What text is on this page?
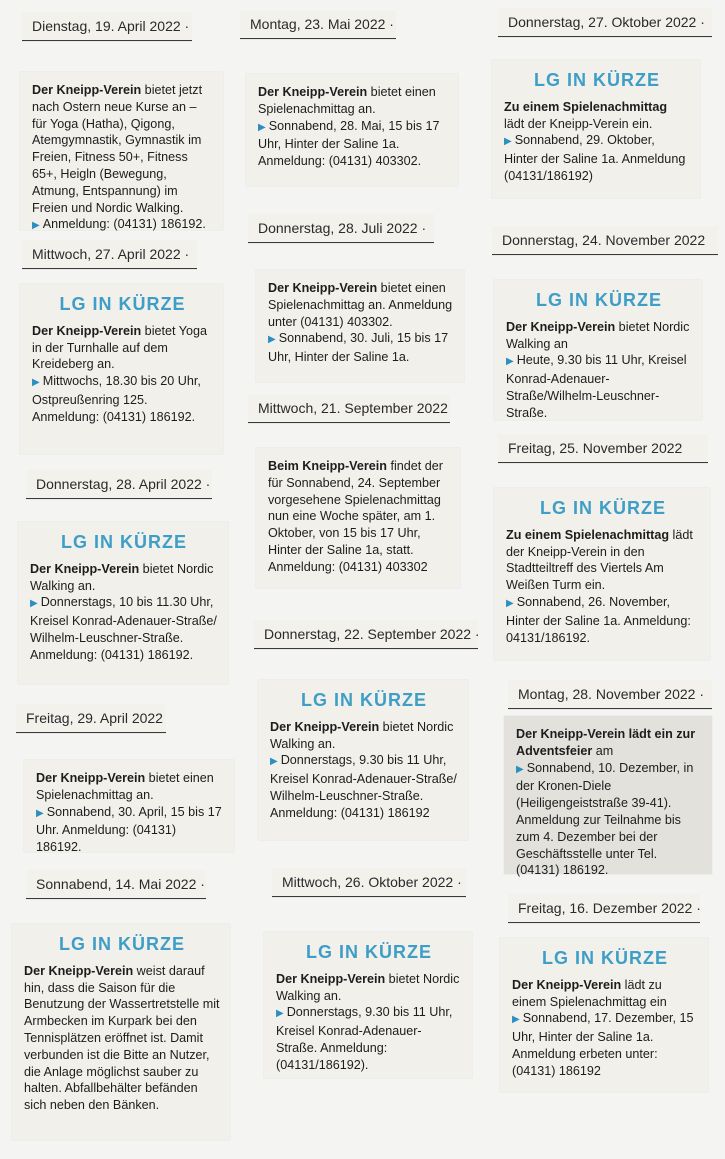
Dienstag, 19. April 2022 ·

Der Kneipp-Verein bietet jetzt nach Ostern neue Kurse an – für Yoga (Hatha), Qigong, Atemgymnastik, Gymnastik im Freien, Fitness 50+, Fitness 65+, Heigln (Bewegung, Atmung, Entspannung) im Freien und Nordic Walking.

▶ Anmeldung: (04131) 186192.

Mittwoch, 27. April 2022 ·
LG IN KÜRZE

Der Kneipp-Verein bietet Yoga in der Turnhalle auf dem Kreideberg an.

▶ Mittwochs, 18.30 bis 20 Uhr, Ostpreußenring 125. Anmeldung: (04131) 186192.

Donnerstag, 28. April 2022 ·
LG IN KÜRZE

Der Kneipp-Verein bietet Nordic Walking an.

▶ Donnerstags, 10 bis 11.30 Uhr, Kreisel Konrad-Adenauer-Straße/ Wilhelm-Leuschner-Straße. Anmeldung: (04131) 186192.

Freitag, 29. April 2022

Der Kneipp-Verein bietet einen Spielenachmittag an.

▶ Sonnabend, 30. April, 15 bis 17 Uhr. Anmeldung: (04131) 186192.

Sonnabend, 14. Mai 2022 ·
LG IN KÜRZE

Der Kneipp-Verein weist darauf hin, dass die Saison für die Benutzung der Wassertretstelle mit Armbecken im Kurpark bei den Tennisplätzen eröffnet ist. Damit verbunden ist die Bitte an Nutzer, die Anlage möglichst sauber zu halten. Abfallbehälter befänden sich neben den Bänken.

Montag, 23. Mai 2022 ·

Der Kneipp-Verein bietet einen Spielenachmittag an.

▶ Sonnabend, 28. Mai, 15 bis 17 Uhr, Hinter der Saline 1a. Anmeldung: (04131) 403302.

Donnerstag, 28. Juli 2022 ·

Der Kneipp-Verein bietet einen Spielenachmittag an. Anmeldung unter (04131) 403302.

▶ Sonnabend, 30. Juli, 15 bis 17 Uhr, Hinter der Saline 1a.

Mittwoch, 21. September 2022

Beim Kneipp-Verein findet der für Sonnabend, 24. September vorgesehene Spielenachmittag nun eine Woche später, am 1. Oktober, von 15 bis 17 Uhr, Hinter der Saline 1a, statt. Anmeldung: (04131) 403302

Donnerstag, 22. September 2022 ·
LG IN KÜRZE

Der Kneipp-Verein bietet Nordic Walking an.

▶ Donnerstags, 9.30 bis 11 Uhr, Kreisel Konrad-Adenauer-Straße/ Wilhelm-Leuschner-Straße. Anmeldung: (04131) 186192

Mittwoch, 26. Oktober 2022 ·
LG IN KÜRZE

Der Kneipp-Verein bietet Nordic Walking an.

▶ Donnerstags, 9.30 bis 11 Uhr, Kreisel Konrad-Adenauer-Straße. Anmeldung: (04131/186192).

Donnerstag, 27. Oktober 2022 ·
LG IN KÜRZE

Zu einem Spielenachmittag lädt der Kneipp-Verein ein.

▶ Sonnabend, 29. Oktober, Hinter der Saline 1a. Anmeldung (04131/186192)

Donnerstag, 24. November 2022
LG IN KÜRZE

Der Kneipp-Verein bietet Nordic Walking an

▶ Heute, 9.30 bis 11 Uhr, Kreisel Konrad-Adenauer-Straße/Wilhelm-Leuschner-Straße.

Freitag, 25. November 2022
LG IN KÜRZE

Zu einem Spielenachmittag lädt der Kneipp-Verein in den Stadtteiltreff des Viertels Am Weißen Turm ein.

▶ Sonnabend, 26. November, Hinter der Saline 1a. Anmeldung: 04131/186192.

Montag, 28. November 2022 ·

Der Kneipp-Verein lädt ein zur Adventsfeier am

▶ Sonnabend, 10. Dezember, in der Kronen-Diele (Heiligengeiststraße 39-41). Anmeldung zur Teilnahme bis zum 4. Dezember bei der Geschäftsstelle unter Tel. (04131) 186192.

Freitag, 16. Dezember 2022 ·
LG IN KÜRZE

Der Kneipp-Verein lädt zu einem Spielenachmittag ein

▶ Sonnabend, 17. Dezember, 15 Uhr, Hinter der Saline 1a. Anmeldung erbeten unter: (04131) 186192
